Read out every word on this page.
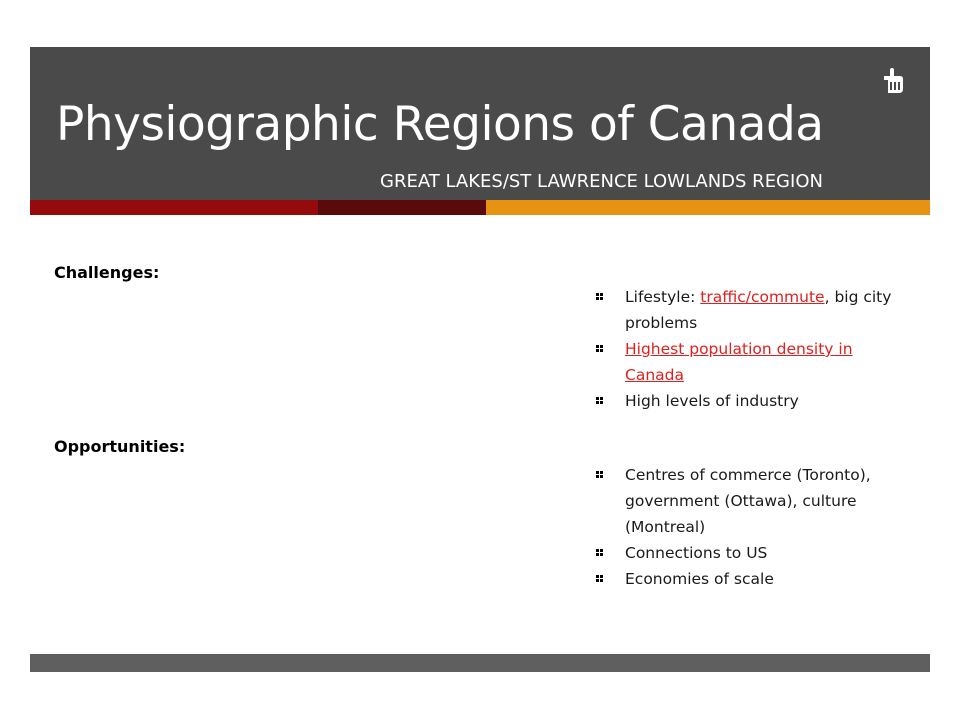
Physiographic Regions of Canada
GREAT LAKES/ST LAWRENCE LOWLANDS REGION
Challenges:
Lifestyle: traffic/commute, big city problems
Highest population density in Canada
High levels of industry
Opportunities:
Centres of commerce (Toronto), government (Ottawa), culture (Montreal)
Connections to US
Economies of scale
